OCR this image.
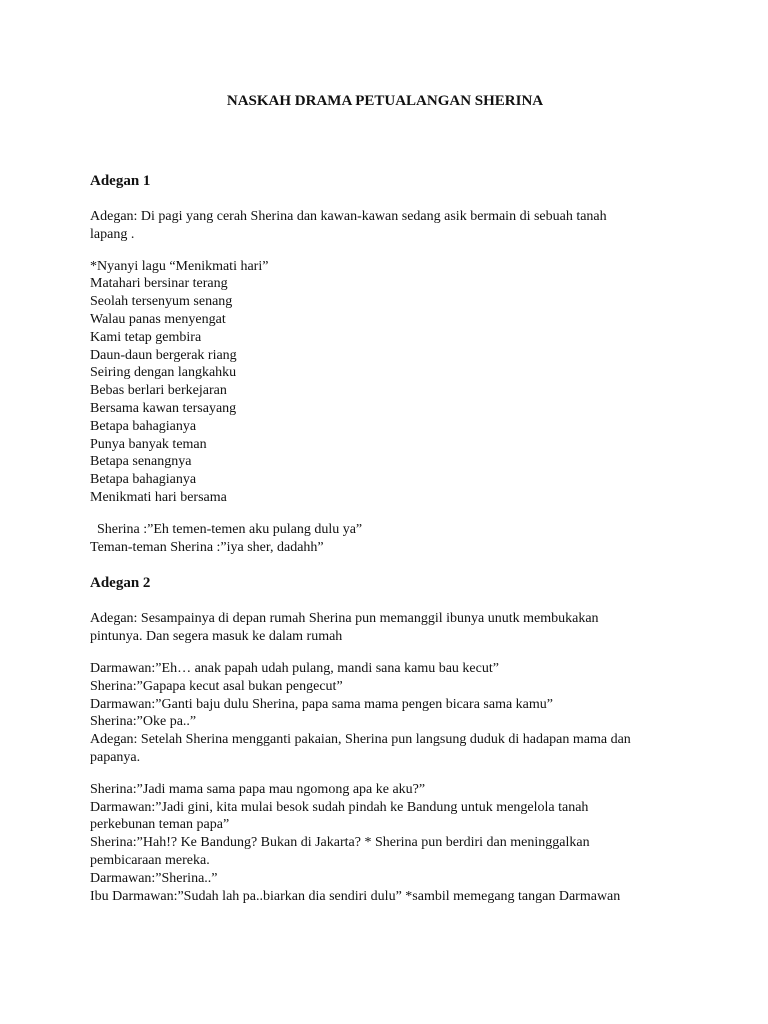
NASKAH DRAMA PETUALANGAN SHERINA

Adegan 1

Adegan: Di pagi yang cerah Sherina dan kawan-kawan sedang asik bermain di sebuah tanah

lapang .

*Nyanyi lagu “Menikmati hari”

Matahari bersinar terang

Seolah tersenyum senang

Walau panas menyengat

Kami tetap gembira

Daun-daun bergerak riang

Seiring dengan langkahku

Bebas berlari berkejaran

Bersama kawan tersayang

Betapa bahagianya

Punya banyak teman

Betapa senangnya

Betapa bahagianya

Menikmati hari bersama

Sherina :”Eh temen-temen aku pulang dulu ya”

Teman-teman Sherina :”iya sher, dadahh”

Adegan 2

Adegan: Sesampainya di depan rumah Sherina pun memanggil ibunya unutk membukakan

pintunya. Dan segera masuk ke dalam rumah

Darmawan:”Eh… anak papah udah pulang, mandi sana kamu bau kecut”

Sherina:”Gapapa kecut asal bukan pengecut”

Darmawan:”Ganti baju dulu Sherina, papa sama mama pengen bicara sama kamu”

Sherina:”Oke pa..”

Adegan: Setelah Sherina mengganti pakaian, Sherina pun langsung duduk di hadapan mama dan

papanya.

Sherina:”Jadi mama sama papa mau ngomong apa ke aku?”

Darmawan:”Jadi gini, kita mulai besok sudah pindah ke Bandung untuk mengelola tanah

perkebunan teman papa”

Sherina:”Hah!? Ke Bandung? Bukan di Jakarta? * Sherina pun berdiri dan meninggalkan

pembicaraan mereka.

Darmawan:”Sherina..”

Ibu Darmawan:”Sudah lah pa..biarkan dia sendiri dulu” *sambil memegang tangan Darmawan
